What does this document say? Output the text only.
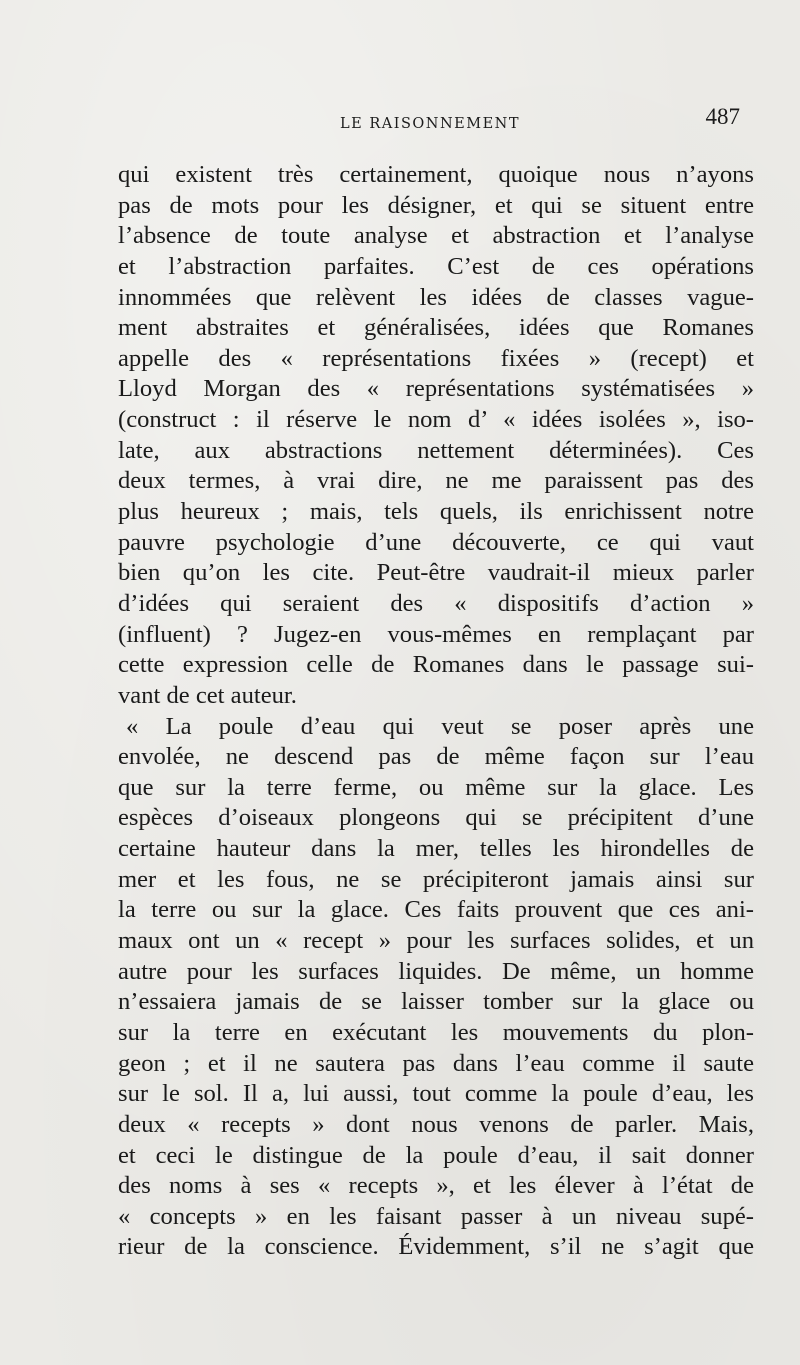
LE RAISONNEMENT	487
qui existent très certainement, quoique nous n’ayons
pas de mots pour les désigner, et qui se situent entre
l’absence de toute analyse et abstraction et l’analyse
et l’abstraction parfaites. C’est de ces opérations
innommées que relèvent les idées de classes vague-
ment abstraites et généralisées, idées que Romanes
appelle des « représentations fixées » (recept) et
Lloyd Morgan des « représentations systématisées »
(construct : il réserve le nom d’ « idées isolées », iso-
late, aux abstractions nettement déterminées). Ces
deux termes, à vrai dire, ne me paraissent pas des
plus heureux ; mais, tels quels, ils enrichissent notre
pauvre psychologie d’une découverte, ce qui vaut
bien qu’on les cite. Peut-être vaudrait-il mieux parler
d’idées qui seraient des « dispositifs d’action »
(influent) ? Jugez-en vous-mêmes en remplaçant par
cette expression celle de Romanes dans le passage sui-
vant de cet auteur.
« La poule d’eau qui veut se poser après une
envolée, ne descend pas de même façon sur l’eau
que sur la terre ferme, ou même sur la glace. Les
espèces d’oiseaux plongeons qui se précipitent d’une
certaine hauteur dans la mer, telles les hirondelles de
mer et les fous, ne se précipiteront jamais ainsi sur
la terre ou sur la glace. Ces faits prouvent que ces ani-
maux ont un « recept » pour les surfaces solides, et un
autre pour les surfaces liquides. De même, un homme
n’essaiera jamais de se laisser tomber sur la glace ou
sur la terre en exécutant les mouvements du plon-
geon ; et il ne sautera pas dans l’eau comme il saute
sur le sol. Il a, lui aussi, tout comme la poule d’eau, les
deux « recepts » dont nous venons de parler. Mais,
et ceci le distingue de la poule d’eau, il sait donner
des noms à ses « recepts », et les élever à l’état de
« concepts » en les faisant passer à un niveau supé-
rieur de la conscience. Évidemment, s’il ne s’agit que
